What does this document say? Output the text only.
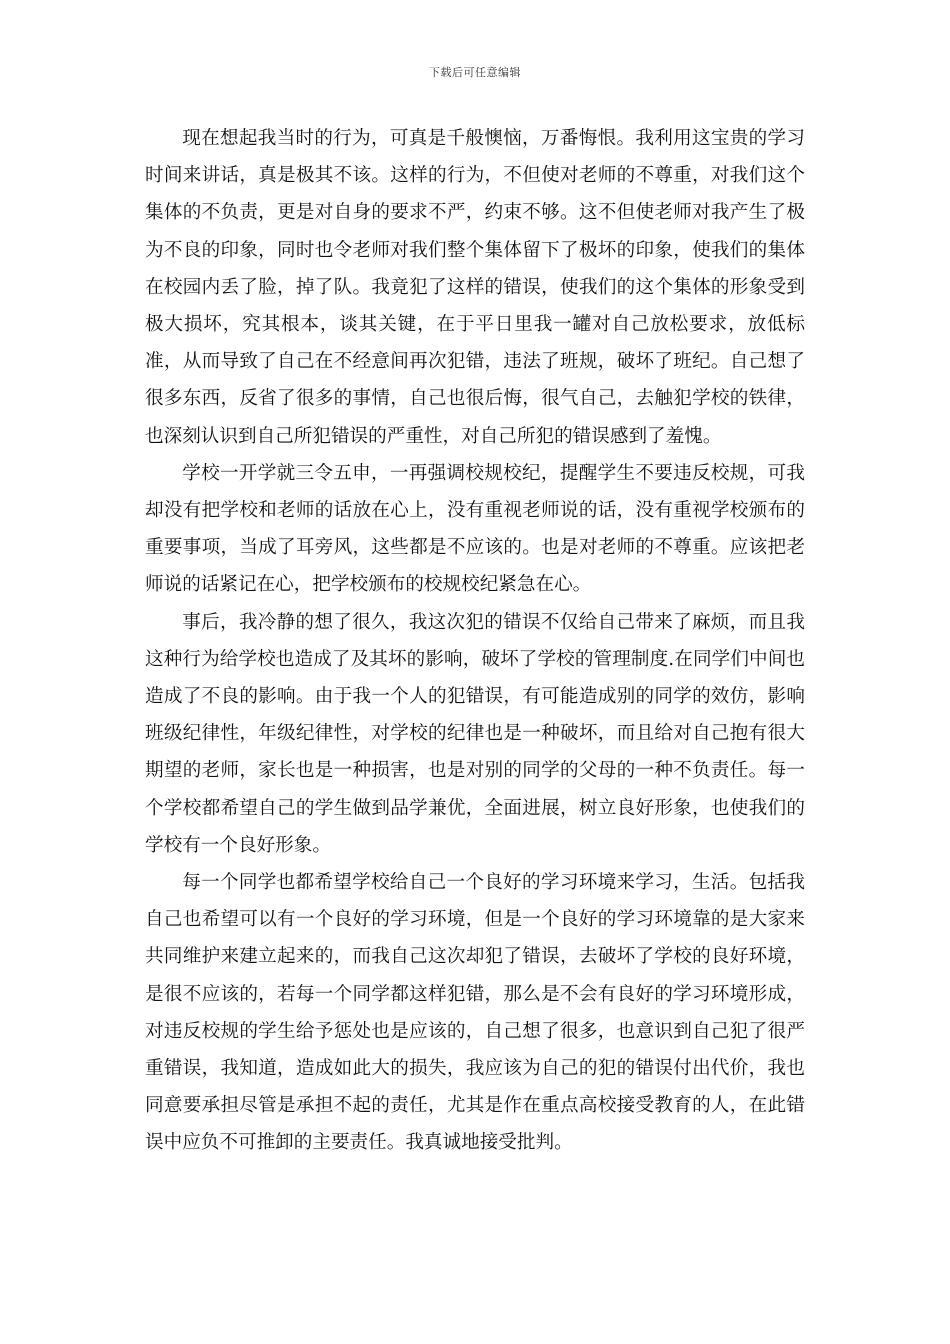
下载后可任意编辑

现在想起我当时的行为，可真是千般懊恼，万番悔恨。我利用这宝贵的学习时间来讲话，真是极其不该。这样的行为，不但使对老师的不尊重，对我们这个集体的不负责，更是对自身的要求不严，约束不够。这不但使老师对我产生了极为不良的印象，同时也令老师对我们整个集体留下了极坏的印象，使我们的集体在校园内丢了脸，掉了队。我竟犯了这样的错误，使我们的这个集体的形象受到极大损坏，究其根本，谈其关键，在于平日里我一罐对自己放松要求，放低标准，从而导致了自己在不经意间再次犯错，违法了班规，破坏了班纪。自己想了很多东西，反省了很多的事情，自己也很后悔，很气自己，去触犯学校的铁律，也深刻认识到自己所犯错误的严重性，对自己所犯的错误感到了羞愧。

学校一开学就三令五申，一再强调校规校纪，提醒学生不要违反校规，可我却没有把学校和老师的话放在心上，没有重视老师说的话，没有重视学校颁布的重要事项，当成了耳旁风，这些都是不应该的。也是对老师的不尊重。应该把老师说的话紧记在心，把学校颁布的校规校纪紧急在心。

事后，我冷静的想了很久，我这次犯的错误不仅给自己带来了麻烦，而且我这种行为给学校也造成了及其坏的影响，破坏了学校的管理制度.在同学们中间也造成了不良的影响。由于我一个人的犯错误，有可能造成别的同学的效仿，影响班级纪律性，年级纪律性，对学校的纪律也是一种破坏，而且给对自己抱有很大期望的老师，家长也是一种损害，也是对别的同学的父母的一种不负责任。每一个学校都希望自己的学生做到品学兼优，全面进展，树立良好形象，也使我们的学校有一个良好形象。

每一个同学也都希望学校给自己一个良好的学习环境来学习，生活。包括我自己也希望可以有一个良好的学习环境，但是一个良好的学习环境靠的是大家来共同维护来建立起来的，而我自己这次却犯了错误，去破坏了学校的良好环境，是很不应该的，若每一个同学都这样犯错，那么是不会有良好的学习环境形成，对违反校规的学生给予惩处也是应该的，自己想了很多，也意识到自己犯了很严重错误，我知道，造成如此大的损失，我应该为自己的犯的错误付出代价，我也同意要承担尽管是承担不起的责任，尤其是作在重点高校接受教育的人，在此错误中应负不可推卸的主要责任。我真诚地接受批判。
